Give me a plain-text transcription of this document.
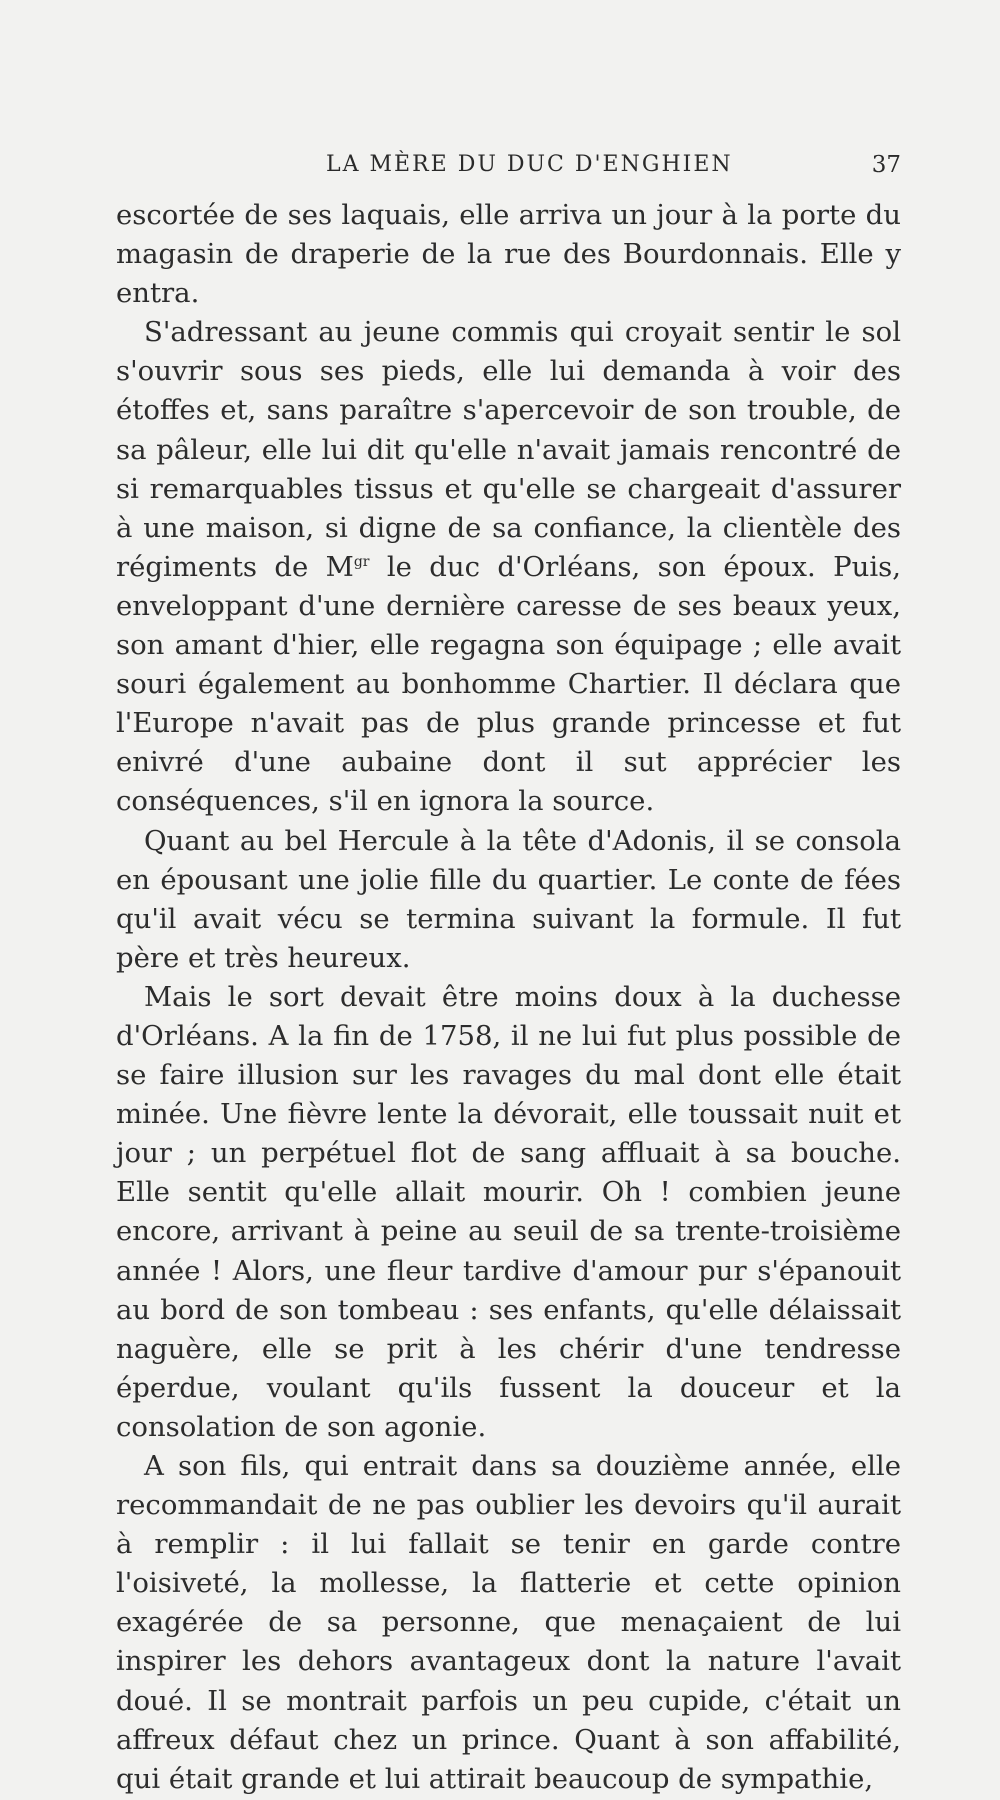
LA MÈRE DU DUC D'ENGHIEN	37

escortée de ses laquais, elle arriva un jour à la porte du magasin de draperie de la rue des Bourdonnais. Elle y entra.

S'adressant au jeune commis qui croyait sentir le sol s'ouvrir sous ses pieds, elle lui demanda à voir des étoffes et, sans paraître s'apercevoir de son trouble, de sa pâleur, elle lui dit qu'elle n'avait jamais rencontré de si remarquables tissus et qu'elle se chargeait d'assurer à une maison, si digne de sa confiance, la clientèle des régiments de $M^{gr}$ le duc d'Orléans, son époux. Puis, enveloppant d'une dernière caresse de ses beaux yeux, son amant d'hier, elle regagna son équipage ; elle avait souri également au bonhomme Chartier. Il déclara que l'Europe n'avait pas de plus grande princesse et fut enivré d'une aubaine dont il sut apprécier les conséquences, s'il en ignora la source.

Quant au bel Hercule à la tête d'Adonis, il se consola en épousant une jolie fille du quartier. Le conte de fées qu'il avait vécu se termina suivant la formule. Il fut père et très heureux.

Mais le sort devait être moins doux à la duchesse d'Orléans. A la fin de 1758, il ne lui fut plus possible de se faire illusion sur les ravages du mal dont elle était minée. Une fièvre lente la dévorait, elle toussait nuit et jour ; un perpétuel flot de sang affluait à sa bouche. Elle sentit qu'elle allait mourir. Oh ! combien jeune encore, arrivant à peine au seuil de sa trente-troisième année ! Alors, une fleur tardive d'amour pur s'épanouit au bord de son tombeau : ses enfants, qu'elle délaissait naguère, elle se prit à les chérir d'une tendresse éperdue, voulant qu'ils fussent la douceur et la consolation de son agonie.

A son fils, qui entrait dans sa douzième année, elle recommandait de ne pas oublier les devoirs qu'il aurait à remplir : il lui fallait se tenir en garde contre l'oisiveté, la mollesse, la flatterie et cette opinion exagérée de sa personne, que menaçaient de lui inspirer les dehors avantageux dont la nature l'avait doué. Il se montrait parfois un peu cupide, c'était un affreux défaut chez un prince. Quant à son affabilité, qui était grande et lui attirait beaucoup de sympathie,
